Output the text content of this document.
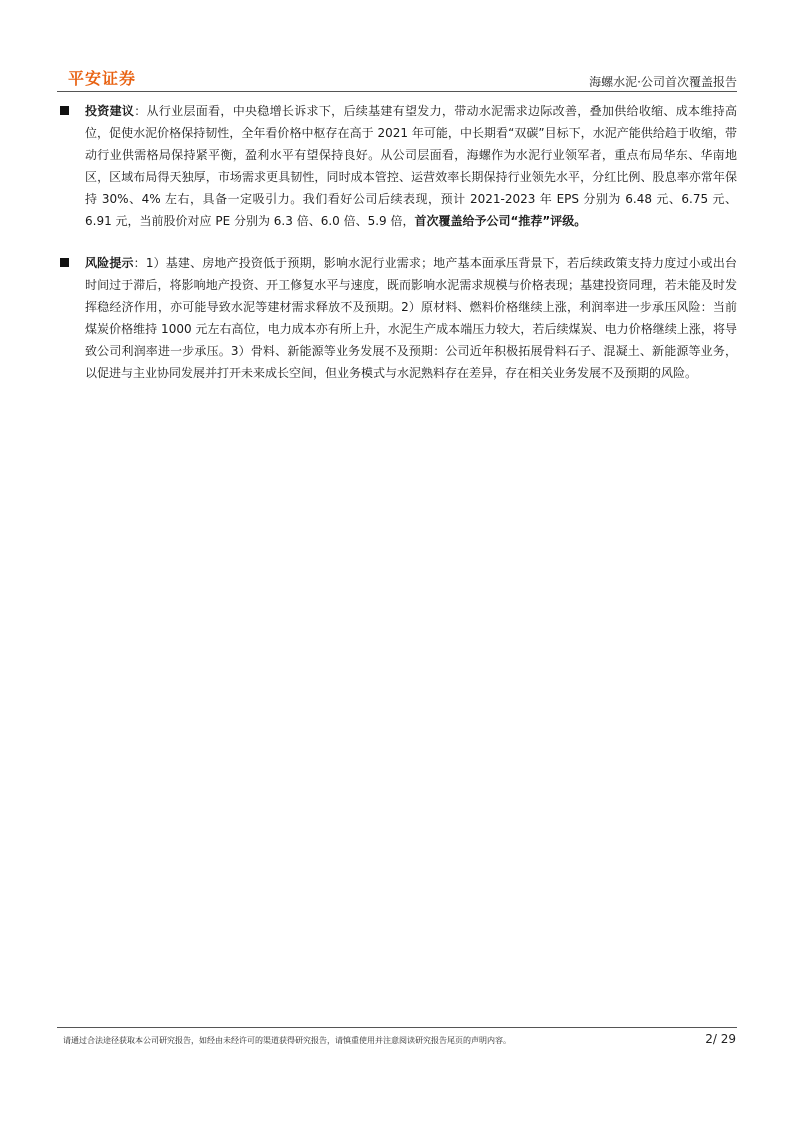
平安证券	海螺水泥·公司首次覆盖报告

投资建议：从行业层面看，中央稳增长诉求下，后续基建有望发力，带动水泥需求边际改善，叠加供给收缩、成本维持高位，促使水泥价格保持韧性，全年看价格中枢存在高于 2021 年可能，中长期看“双碳”目标下，水泥产能供给趋于收缩，带动行业供需格局保持紧平衡，盈利水平有望保持良好。从公司层面看，海螺作为水泥行业领军者，重点布局华东、华南地区，区域布局得天独厚，市场需求更具韧性，同时成本管控、运营效率长期保持行业领先水平，分红比例、股息率亦常年保持 30%、4% 左右，具备一定吸引力。我们看好公司后续表现，预计 2021-2023 年 EPS 分别为 6.48 元、6.75 元、6.91 元，当前股价对应 PE 分别为 6.3 倍、6.0 倍、5.9 倍，首次覆盖给予公司“推荐”评级。

风险提示：1）基建、房地产投资低于预期，影响水泥行业需求；地产基本面承压背景下，若后续政策支持力度过小或出台时间过于滞后，将影响地产投资、开工修复水平与速度，既而影响水泥需求规模与价格表现；基建投资同理，若未能及时发挥稳经济作用，亦可能导致水泥等建材需求释放不及预期。2）原材料、燃料价格继续上涨，利润率进一步承压风险：当前煤炭价格维持 1000 元左右高位，电力成本亦有所上升，水泥生产成本端压力较大，若后续煤炭、电力价格继续上涨，将导致公司利润率进一步承压。3）骨料、新能源等业务发展不及预期：公司近年积极拓展骨料石子、混凝土、新能源等业务，以促进与主业协同发展并打开未来成长空间，但业务模式与水泥熟料存在差异，存在相关业务发展不及预期的风险。

请通过合法途径获取本公司研究报告，如经由未经许可的渠道获得研究报告，请慎重使用并注意阅读研究报告尾页的声明内容。	2/ 29
